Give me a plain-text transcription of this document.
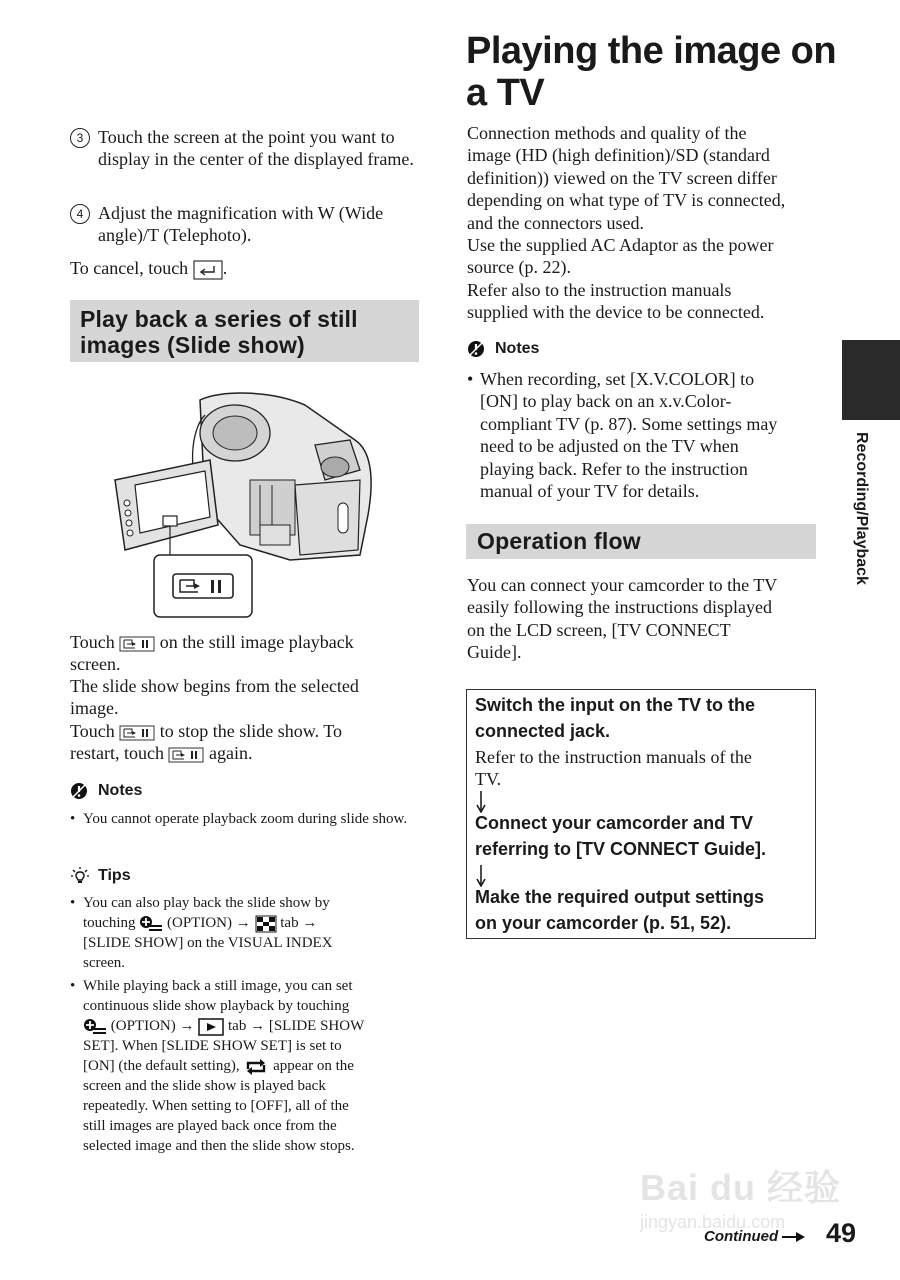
3 Touch the screen at the point you want to display in the center of the displayed frame.
4 Adjust the magnification with W (Wide angle)/T (Telephoto).
To cancel, touch .
Play back a series of still
images (Slide show)
Touch	on the still image playback
screen.
The slide show begins from the selected
image.
Touch	to stop the slide show. To
restart, touch	again.
Notes
• You cannot operate playback zoom during slide show.
Tips
• You can also play back the slide show by
touching (OPTION) → tab →
[SLIDE SHOW] on the VISUAL INDEX
screen.
• While playing back a still image, you can set
continuous slide show playback by touching
(OPTION) → tab → [SLIDE SHOW
SET]. When [SLIDE SHOW SET] is set to
[ON] (the default setting), appear on the
screen and the slide show is played back
repeatedly. When setting to [OFF], all of the
still images are played back once from the
selected image and then the slide show stops.
Playing the image on
a TV
Connection methods and quality of the
image (HD (high definition)/SD (standard
definition)) viewed on the TV screen differ
depending on what type of TV is connected,
and the connectors used.
Use the supplied AC Adaptor as the power
source (p. 22).
Refer also to the instruction manuals
supplied with the device to be connected.
Notes
• When recording, set [X.V.COLOR] to
[ON] to play back on an x.v.Color-
compliant TV (p. 87). Some settings may
need to be adjusted on the TV when
playing back. Refer to the instruction
manual of your TV for details.
Operation flow
You can connect your camcorder to the TV
easily following the instructions displayed
on the LCD screen, [TV CONNECT
Guide].
Switch the input on the TV to the
connected jack.
Refer to the instruction manuals of the
TV.
Connect your camcorder and TV
referring to [TV CONNECT Guide].
Make the required output settings
on your camcorder (p. 51, 52).
Recording/Playback
Bai du 经验
jingyan.baidu.com
Continued	49
